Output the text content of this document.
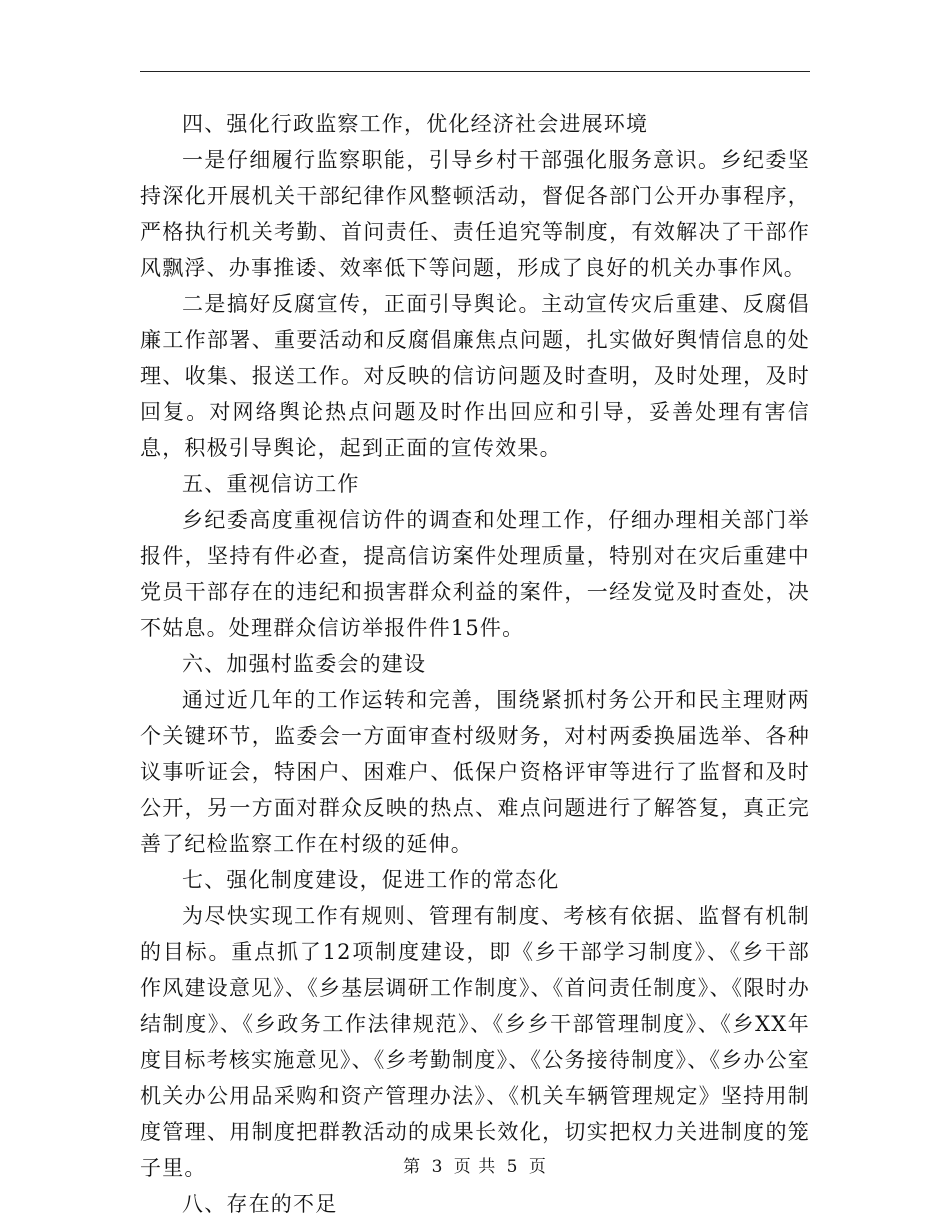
四、强化行政监察工作，优化经济社会进展环境

一是仔细履行监察职能，引导乡村干部强化服务意识。乡纪委坚持深化开展机关干部纪律作风整顿活动，督促各部门公开办事程序，严格执行机关考勤、首问责任、责任追究等制度，有效解决了干部作风飘浮、办事推诿、效率低下等问题，形成了良好的机关办事作风。

二是搞好反腐宣传，正面引导舆论。主动宣传灾后重建、反腐倡廉工作部署、重要活动和反腐倡廉焦点问题，扎实做好舆情信息的处理、收集、报送工作。对反映的信访问题及时查明，及时处理，及时回复。对网络舆论热点问题及时作出回应和引导，妥善处理有害信息，积极引导舆论，起到正面的宣传效果。

五、重视信访工作

乡纪委高度重视信访件的调查和处理工作，仔细办理相关部门举报件，坚持有件必查，提高信访案件处理质量，特别对在灾后重建中党员干部存在的违纪和损害群众利益的案件，一经发觉及时查处，决不姑息。处理群众信访举报件件15件。

六、加强村监委会的建设

通过近几年的工作运转和完善，围绕紧抓村务公开和民主理财两个关键环节，监委会一方面审查村级财务，对村两委换届选举、各种议事听证会，特困户、困难户、低保户资格评审等进行了监督和及时公开，另一方面对群众反映的热点、难点问题进行了解答复，真正完善了纪检监察工作在村级的延伸。

七、强化制度建设，促进工作的常态化

为尽快实现工作有规则、管理有制度、考核有依据、监督有机制的目标。重点抓了12项制度建设，即《乡干部学习制度》、《乡干部作风建设意见》、《乡基层调研工作制度》、《首问责任制度》、《限时办结制度》、《乡政务工作法律规范》、《乡乡干部管理制度》、《乡XX年度目标考核实施意见》、《乡考勤制度》、《公务接待制度》、《乡办公室机关办公用品采购和资产管理办法》、《机关车辆管理规定》坚持用制度管理、用制度把群教活动的成果长效化，切实把权力关进制度的笼子里。

八、存在的不足

第 3 页 共 5 页
